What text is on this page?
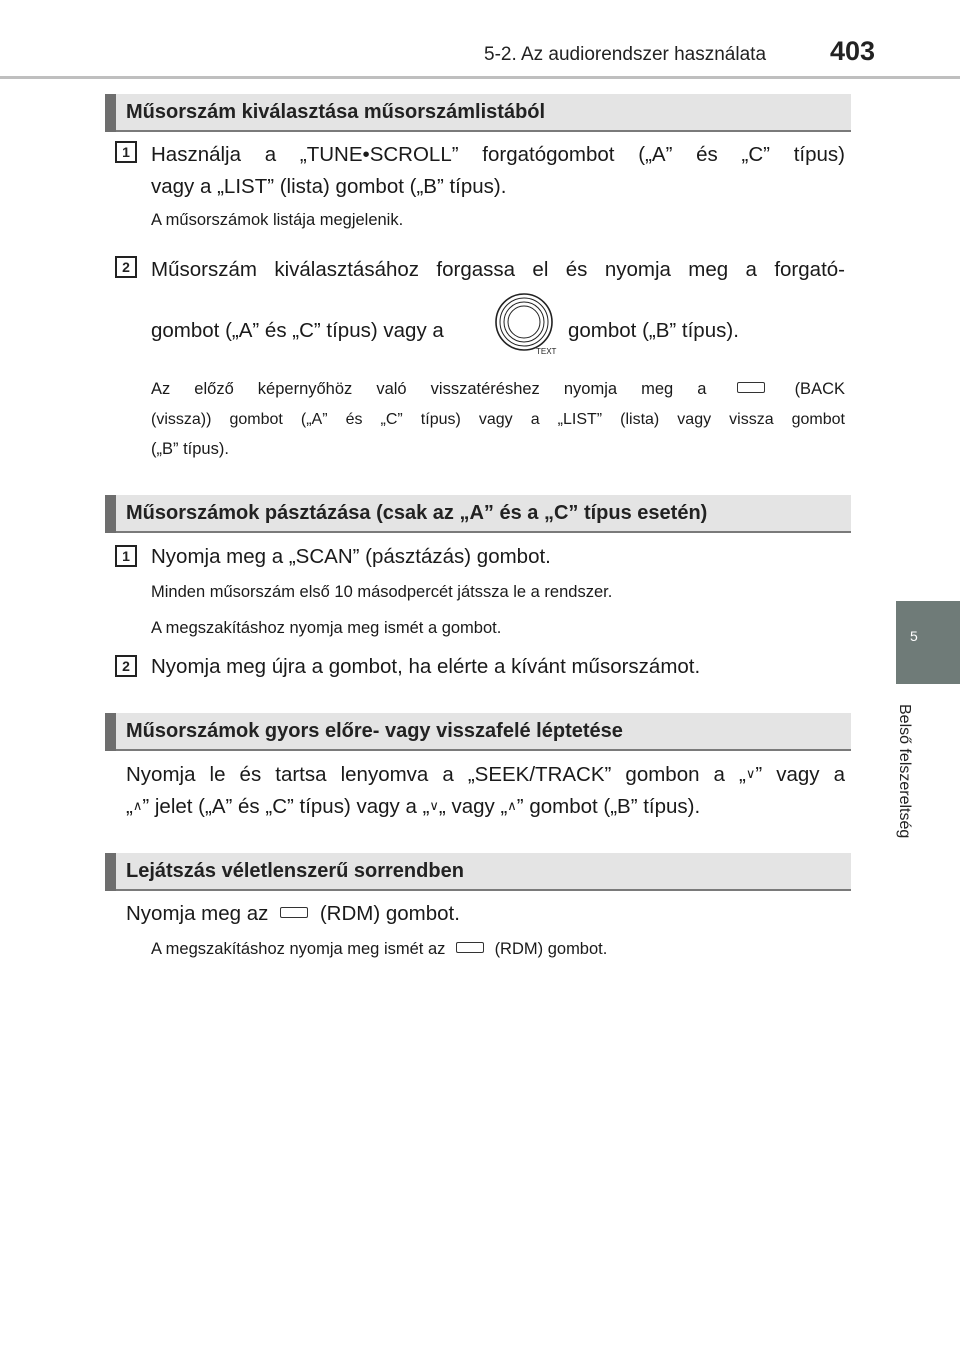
5-2. Az audiorendszer használata 403
5
Belső felszereltség
Műsorszám kiválasztása műsorszámlistából
1	Használja a „TUNE•SCROLL” forgatógombot („A” és „C” típus)
vagy a „LIST” (lista) gombot („B” típus).
A műsorszámok listája megjelenik.
2	Műsorszám kiválasztásához forgassa el és nyomja meg a forgató-
gombot („A” és „C” típus) vagy a
TEXT
gombot („B” típus).
Az előző képernyőhöz való visszatéréshez nyomja meg a	(BACK
(vissza)) gombot („A” és „C” típus) vagy a „LIST” (lista) vagy vissza gombot
(„B” típus).
Műsorszámok pásztázása (csak az „A” és a „C” típus esetén)
1	Nyomja meg a „SCAN” (pásztázás) gombot.
Minden műsorszám első 10 másodpercét játssza le a rendszer.
A megszakításhoz nyomja meg ismét a gombot.
2	Nyomja meg újra a gombot, ha elérte a kívánt műsorszámot.
Műsorszámok gyors előre- vagy visszafelé léptetése
Nyomja le és tartsa lenyomva a „SEEK/TRACK” gombon a „∨” vagy a
„∧” jelet („A” és „C” típus) vagy a „∨„ vagy „∧” gombot („B” típus).
Lejátszás véletlenszerű sorrendben
Nyomja meg az	(RDM) gombot.
A megszakításhoz nyomja meg ismét az	(RDM) gombot.
